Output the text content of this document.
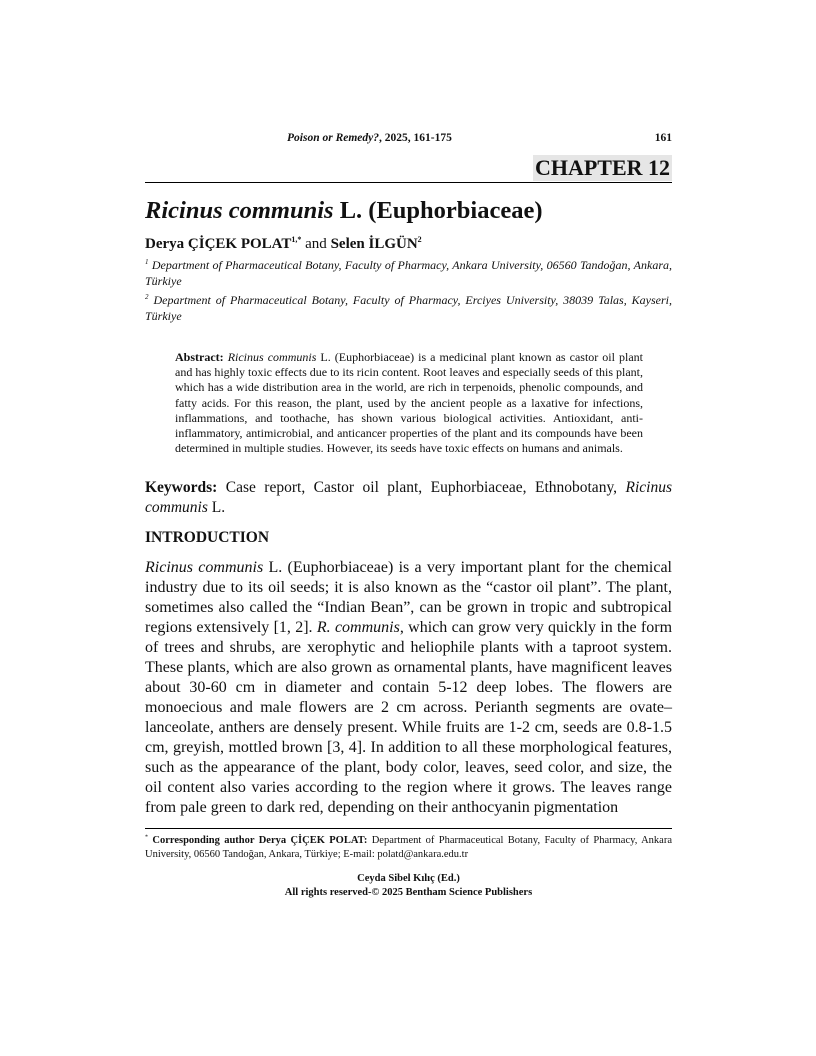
Poison or Remedy?, 2025, 161-175	161
CHAPTER 12
Ricinus communis L. (Euphorbiaceae)
Derya ÇİÇEK $POLAT^{1,*}$ and Selen İLGÜN$^2$
$^1$ Department of Pharmaceutical Botany, Faculty of Pharmacy, Ankara University, 06560 Tandoğan, Ankara, Türkiye
$^2$ Department of Pharmaceutical Botany, Faculty of Pharmacy, Erciyes University, 38039 Talas, Kayseri, Türkiye
Abstract: Ricinus communis L. (Euphorbiaceae) is a medicinal plant known as castor oil plant and has highly toxic effects due to its ricin content. Root leaves and especially seeds of this plant, which has a wide distribution area in the world, are rich in terpenoids, phenolic compounds, and fatty acids. For this reason, the plant, used by the ancient people as a laxative for infections, inflammations, and toothache, has shown various biological activities. Antioxidant, anti-inflammatory, antimicrobial, and anticancer properties of the plant and its compounds have been determined in multiple studies. However, its seeds have toxic effects on humans and animals.
Keywords: Case report, Castor oil plant, Euphorbiaceae, Ethnobotany, Ricinus communis L.
INTRODUCTION
Ricinus communis L. (Euphorbiaceae) is a very important plant for the chemical industry due to its oil seeds; it is also known as the “castor oil plant”. The plant, sometimes also called the “Indian Bean”, can be grown in tropic and subtropical regions extensively [1, 2]. R. communis, which can grow very quickly in the form of trees and shrubs, are xerophytic and heliophile plants with a taproot system. These plants, which are also grown as ornamental plants, have magnificent leaves about 30-60 cm in diameter and contain 5-12 deep lobes. The flowers are monoecious and male flowers are 2 cm across. Perianth segments are ovate–lanceolate, anthers are densely present. While fruits are 1-2 cm, seeds are 0.8-1.5 cm, greyish, mottled brown [3, 4]. In addition to all these morphological features, such as the appearance of the plant, body color, leaves, seed color, and size, the oil content also varies according to the region where it grows. The leaves range from pale green to dark red, depending on their anthocyanin pigmentation
* Corresponding author Derya ÇİÇEK POLAT: Department of Pharmaceutical Botany, Faculty of Pharmacy, Ankara University, 06560 Tandoğan, Ankara, Türkiye; E-mail: polatd@ankara.edu.tr
Ceyda Sibel Kılıç (Ed.)
All rights reserved-© 2025 Bentham Science Publishers
